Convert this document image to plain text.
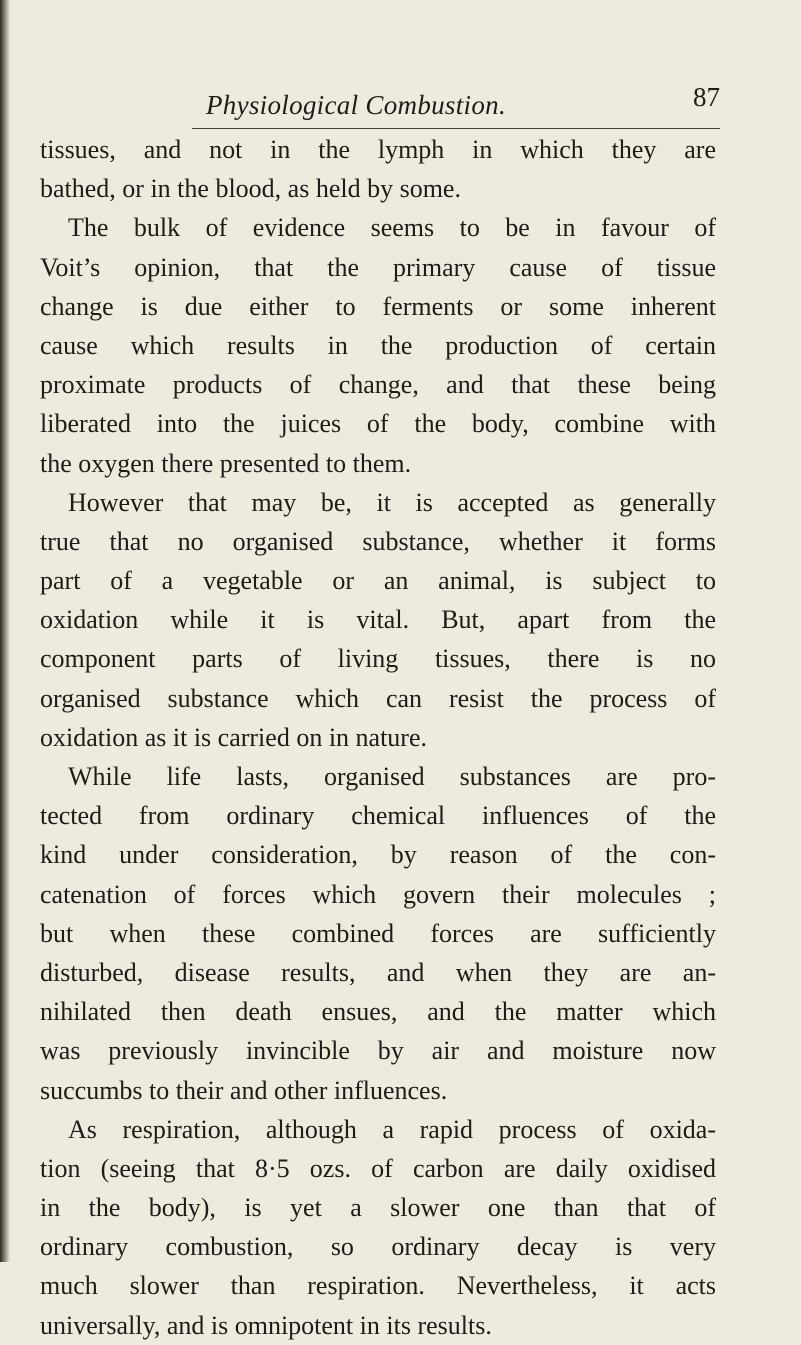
Physiological Combustion.	87
tissues, and not in the lymph in which they are
bathed, or in the blood, as held by some.
The bulk of evidence seems to be in favour of
Voit’s opinion, that the primary cause of tissue
change is due either to ferments or some inherent
cause which results in the production of certain
proximate products of change, and that these being
liberated into the juices of the body, combine with
the oxygen there presented to them.
However that may be, it is accepted as generally
true that no organised substance, whether it forms
part of a vegetable or an animal, is subject to
oxidation while it is vital. But, apart from the
component parts of living tissues, there is no
organised substance which can resist the process of
oxidation as it is carried on in nature.
While life lasts, organised substances are pro-
tected from ordinary chemical influences of the
kind under consideration, by reason of the con-
catenation of forces which govern their molecules ;
but when these combined forces are sufficiently
disturbed, disease results, and when they are an-
nihilated then death ensues, and the matter which
was previously invincible by air and moisture now
succumbs to their and other influences.
As respiration, although a rapid process of oxida-
tion (seeing that 8·5 ozs. of carbon are daily oxidised
in the body), is yet a slower one than that of
ordinary combustion, so ordinary decay is very
much slower than respiration. Nevertheless, it acts
universally, and is omnipotent in its results.
